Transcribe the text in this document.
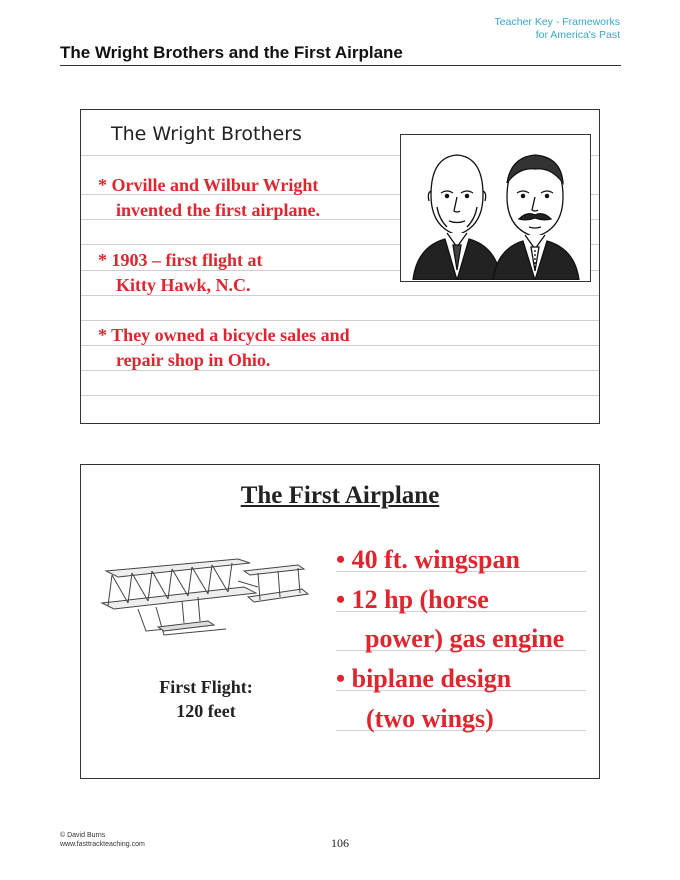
Teacher Key - Frameworks
for America's Past
The Wright Brothers and the First Airplane
The Wright Brothers
* Orville and Wilbur Wright
invented the first airplane.
* 1903 – first flight at
Kitty Hawk, N.C.
* They owned a bicycle sales and
repair shop in Ohio.
The First Airplane
First Flight:
120 feet
• 40 ft. wingspan
• 12 hp (horse
power) gas engine
• biplane design
(two wings)
© David Burns
www.fasttrackteaching.com	106
